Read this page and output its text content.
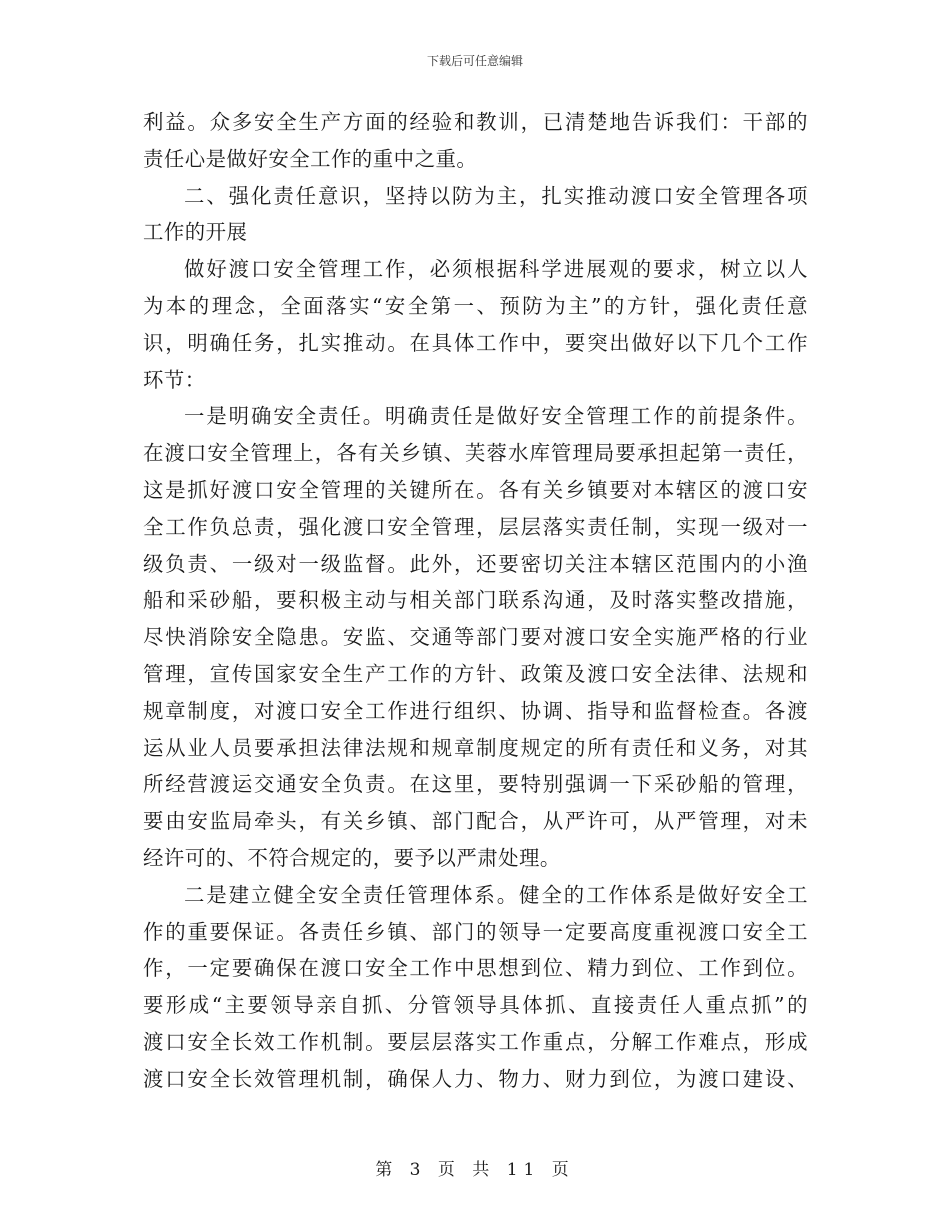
下载后可任意编辑
利益。众多安全生产方面的经验和教训，已清楚地告诉我们：干部的
责任心是做好安全工作的重中之重。
二、强化责任意识，坚持以防为主，扎实推动渡口安全管理各项
工作的开展
做好渡口安全管理工作，必须根据科学进展观的要求，树立以人
为本的理念，全面落实“安全第一、预防为主”的方针，强化责任意
识，明确任务，扎实推动。在具体工作中，要突出做好以下几个工作
环节：
一是明确安全责任。明确责任是做好安全管理工作的前提条件。
在渡口安全管理上，各有关乡镇、芙蓉水库管理局要承担起第一责任，
这是抓好渡口安全管理的关键所在。各有关乡镇要对本辖区的渡口安
全工作负总责，强化渡口安全管理，层层落实责任制，实现一级对一
级负责、一级对一级监督。此外，还要密切关注本辖区范围内的小渔
船和采砂船，要积极主动与相关部门联系沟通，及时落实整改措施，
尽快消除安全隐患。安监、交通等部门要对渡口安全实施严格的行业
管理，宣传国家安全生产工作的方针、政策及渡口安全法律、法规和
规章制度，对渡口安全工作进行组织、协调、指导和监督检查。各渡
运从业人员要承担法律法规和规章制度规定的所有责任和义务，对其
所经营渡运交通安全负责。在这里，要特别强调一下采砂船的管理，
要由安监局牵头，有关乡镇、部门配合，从严许可，从严管理，对未
经许可的、不符合规定的，要予以严肃处理。
二是建立健全安全责任管理体系。健全的工作体系是做好安全工
作的重要保证。各责任乡镇、部门的领导一定要高度重视渡口安全工
作，一定要确保在渡口安全工作中思想到位、精力到位、工作到位。
要形成“主要领导亲自抓、分管领导具体抓、直接责任人重点抓”的
渡口安全长效工作机制。要层层落实工作重点，分解工作难点，形成
渡口安全长效管理机制，确保人力、物力、财力到位，为渡口建设、
第 3 页 共 11 页
